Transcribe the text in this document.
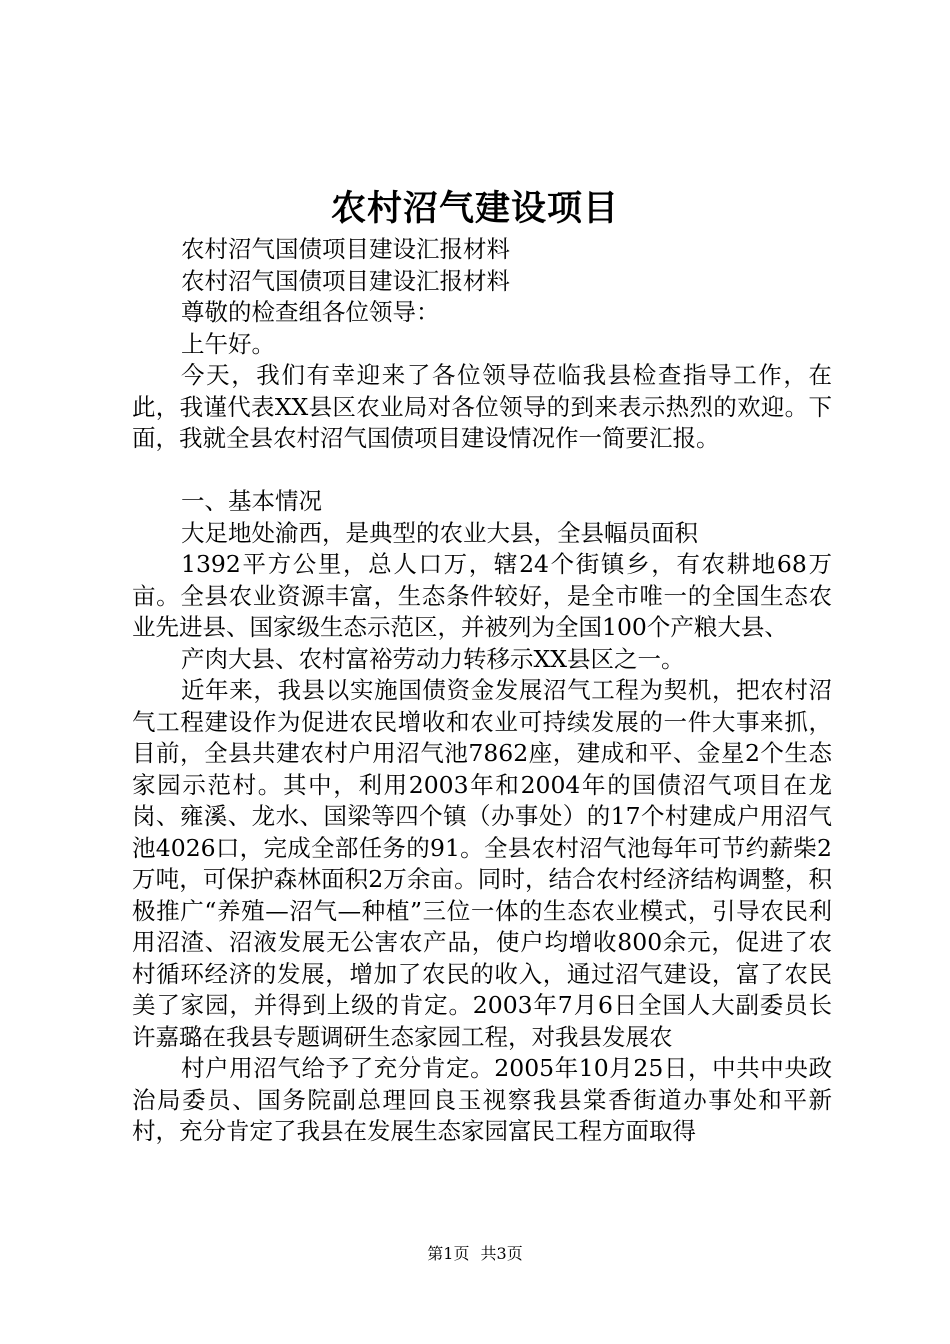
农村沼气建设项目

农村沼气国债项目建设汇报材料

农村沼气国债项目建设汇报材料

尊敬的检查组各位领导：

上午好。

今天，我们有幸迎来了各位领导莅临我县检查指导工作，在此，我谨代表XX县区农业局对各位领导的到来表示热烈的欢迎。下面，我就全县农村沼气国债项目建设情况作一简要汇报。

一、基本情况

大足地处渝西，是典型的农业大县，全县幅员面积

1392平方公里，总人口万，辖24个街镇乡，有农耕地68万亩。全县农业资源丰富，生态条件较好，是全市唯一的全国生态农业先进县、国家级生态示范区，并被列为全国100个产粮大县、

产肉大县、农村富裕劳动力转移示XX县区之一。

近年来，我县以实施国债资金发展沼气工程为契机，把农村沼气工程建设作为促进农民增收和农业可持续发展的一件大事来抓，目前，全县共建农村户用沼气池7862座，建成和平、金星2个生态家园示范村。其中，利用2003年和2004年的国债沼气项目在龙岗、雍溪、龙水、国梁等四个镇（办事处）的17个村建成户用沼气池4026口，完成全部任务的91。全县农村沼气池每年可节约薪柴2万吨，可保护森林面积2万余亩。同时，结合农村经济结构调整，积极推广“养殖—沼气—种植”三位一体的生态农业模式，引导农民利用沼渣、沼液发展无公害农产品，使户均增收800余元，促进了农村循环经济的发展，增加了农民的收入，通过沼气建设，富了农民美了家园，并得到上级的肯定。2003年7月6日全国人大副委员长许嘉璐在我县专题调研生态家园工程，对我县发展农

村户用沼气给予了充分肯定。2005年10月25日，中共中央政治局委员、国务院副总理回良玉视察我县棠香街道办事处和平新村，充分肯定了我县在发展生态家园富民工程方面取得

第1页 共3页
